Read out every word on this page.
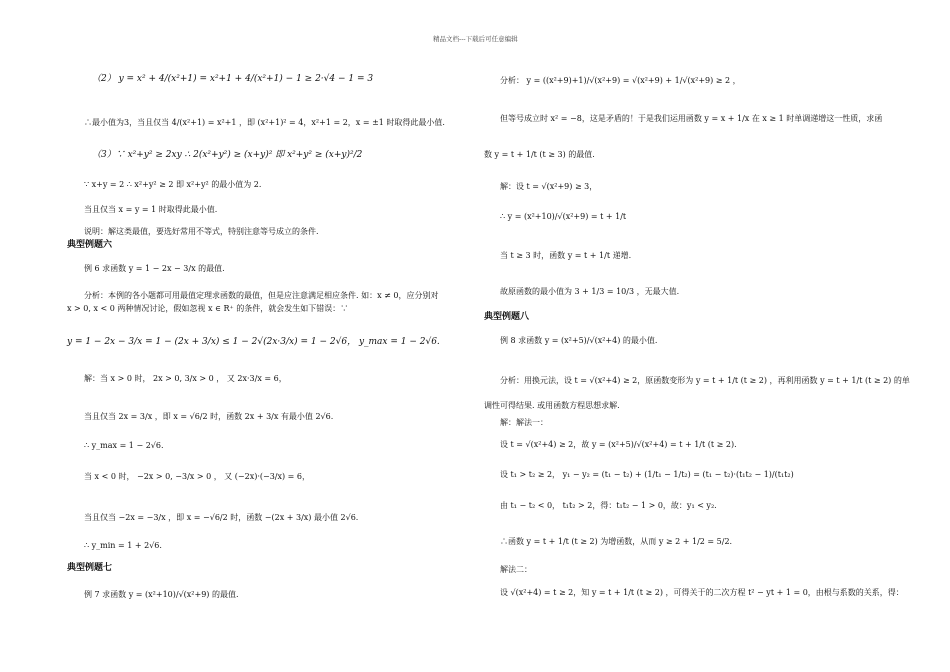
精品文档---下载后可任意编辑
（2） y = x² + 4/(x²+1) = x²+1 + 4/(x²+1) − 1 ≥ 2·√4 − 1 = 3
∴最小值为3，当且仅当 4/(x²+1) = x²+1 ，即 (x²+1)² = 4，x²+1 = 2，x = ±1 时取得此最小值.
（3）∵ x²+y² ≥ 2xy ∴ 2(x²+y²) ≥ (x+y)² 即 x²+y² ≥ (x+y)²/2
∵ x+y = 2 ∴ x²+y² ≥ 2 即 x²+y² 的最小值为 2.
当且仅当 x = y = 1 时取得此最小值.
说明：解这类最值，要选好常用不等式，特别注意等号成立的条件.
典型例题六
例 6 求函数 y = 1 − 2x − 3/x 的最值.
分析：本例的各小题都可用最值定理求函数的最值，但是应注意满足相应条件. 如：x ≠ 0，应分别对
x > 0, x < 0 两种情况讨论，假如忽视 x ∈ R⁺ 的条件，就会发生如下错误：∵
y = 1 − 2x − 3/x = 1 − (2x + 3/x) ≤ 1 − 2√(2x·3/x) = 1 − 2√6， y_max = 1 − 2√6.
解：当 x > 0 时， 2x > 0, 3/x > 0 ， 又 2x·3/x = 6，
当且仅当 2x = 3/x ，即 x = √6/2 时，函数 2x + 3/x 有最小值 2√6.
∴ y_max = 1 − 2√6.
当 x < 0 时， −2x > 0, −3/x > 0 ， 又 (−2x)·(−3/x) = 6，
当且仅当 −2x = −3/x ，即 x = −√6/2 时，函数 −(2x + 3/x) 最小值 2√6.
∴ y_min = 1 + 2√6.
典型例题七
例 7 求函数 y = (x²+10)/√(x²+9) 的最值.
分析： y = ((x²+9)+1)/√(x²+9) = √(x²+9) + 1/√(x²+9) ≥ 2 ，
但等号成立时 x² = −8，这是矛盾的！于是我们运用函数 y = x + 1/x 在 x ≥ 1 时单调递增这一性质，求函
数 y = t + 1/t (t ≥ 3) 的最值.
解：设 t = √(x²+9) ≥ 3，
∴ y = (x²+10)/√(x²+9) = t + 1/t
当 t ≥ 3 时，函数 y = t + 1/t 递增.
故原函数的最小值为 3 + 1/3 = 10/3 ，无最大值.
典型例题八
例 8 求函数 y = (x²+5)/√(x²+4) 的最小值.
分析：用换元法，设 t = √(x²+4) ≥ 2，原函数变形为 y = t + 1/t (t ≥ 2) ，再利用函数 y = t + 1/t (t ≥ 2) 的单
调性可得结果. 或用函数方程思想求解.
解：解法一：
设 t = √(x²+4) ≥ 2，故 y = (x²+5)/√(x²+4) = t + 1/t (t ≥ 2).
设 t₁ > t₂ ≥ 2， y₁ − y₂ = (t₁ − t₂) + (1/t₁ − 1/t₂) = (t₁ − t₂)·(t₁t₂ − 1)/(t₁t₂)
由 t₁ − t₂ < 0， t₁t₂ > 2，得：t₁t₂ − 1 > 0，故：y₁ < y₂.
∴函数 y = t + 1/t (t ≥ 2) 为增函数，从而 y ≥ 2 + 1/2 = 5/2.
解法二：
设 √(x²+4) = t ≥ 2，知 y = t + 1/t (t ≥ 2) ，可得关于的二次方程 t² − yt + 1 = 0，由根与系数的关系，得：
